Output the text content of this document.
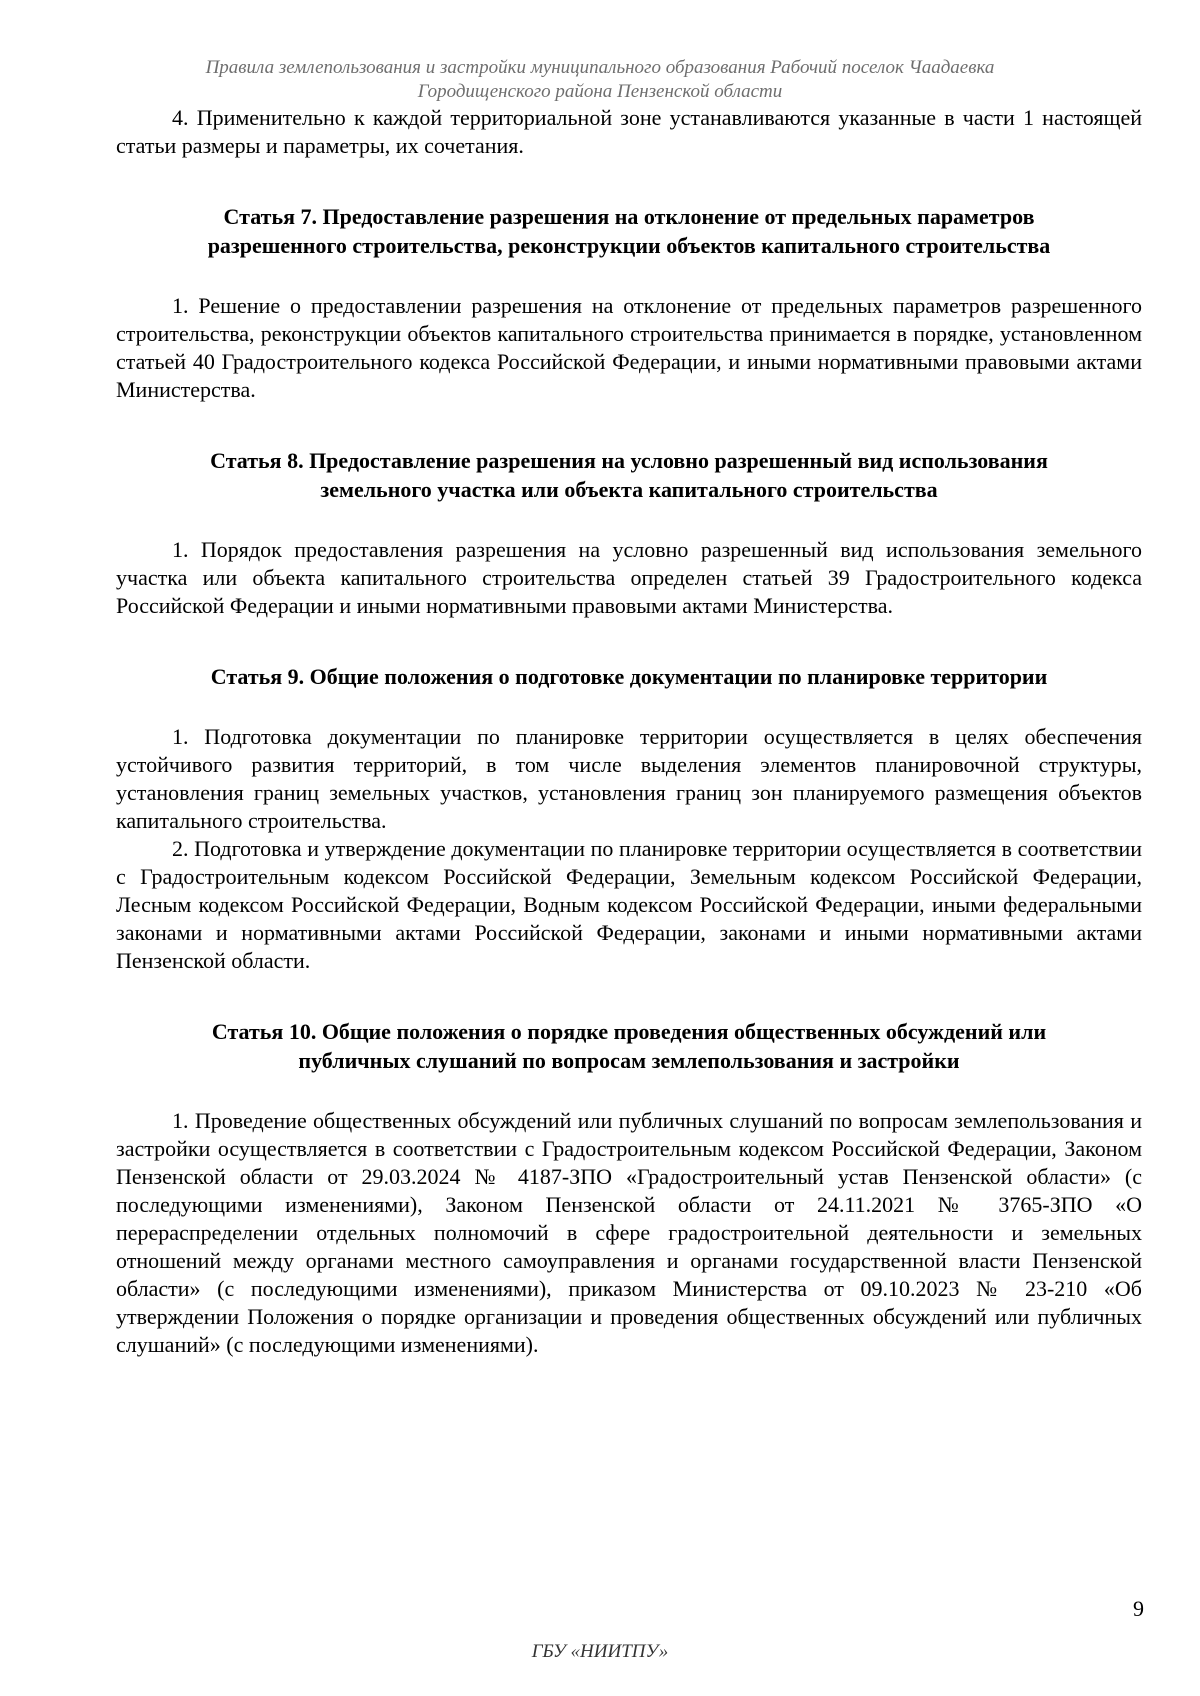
Правила землепользования и застройки муниципального образования Рабочий поселок Чаадаевка
Городищенского района Пензенской области

4. Применительно к каждой территориальной зоне устанавливаются указанные в части 1 настоящей статьи размеры и параметры, их сочетания.

Статья 7. Предоставление разрешения на отклонение от предельных параметров
разрешенного строительства, реконструкции объектов капитального строительства

1. Решение о предоставлении разрешения на отклонение от предельных параметров разрешенного строительства, реконструкции объектов капитального строительства принимается в порядке, установленном статьей 40 Градостроительного кодекса Российской Федерации, и иными нормативными правовыми актами Министерства.

Статья 8. Предоставление разрешения на условно разрешенный вид использования
земельного участка или объекта капитального строительства

1. Порядок предоставления разрешения на условно разрешенный вид использования земельного участка или объекта капитального строительства определен статьей 39 Градостроительного кодекса Российской Федерации и иными нормативными правовыми актами Министерства.

Статья 9. Общие положения о подготовке документации по планировке территории

1. Подготовка документации по планировке территории осуществляется в целях обеспечения устойчивого развития территорий, в том числе выделения элементов планировочной структуры, установления границ земельных участков, установления границ зон планируемого размещения объектов капитального строительства.

2. Подготовка и утверждение документации по планировке территории осуществляется в соответствии с Градостроительным кодексом Российской Федерации, Земельным кодексом Российской Федерации, Лесным кодексом Российской Федерации, Водным кодексом Российской Федерации, иными федеральными законами и нормативными актами Российской Федерации, законами и иными нормативными актами Пензенской области.

Статья 10. Общие положения о порядке проведения общественных обсуждений или
публичных слушаний по вопросам землепользования и застройки

1. Проведение общественных обсуждений или публичных слушаний по вопросам землепользования и застройки осуществляется в соответствии с Градостроительным кодексом Российской Федерации, Законом Пензенской области от 29.03.2024 № 4187-ЗПО «Градостроительный устав Пензенской области» (с последующими изменениями), Законом Пензенской области от 24.11.2021 № 3765-ЗПО «О перераспределении отдельных полномочий в сфере градостроительной деятельности и земельных отношений между органами местного самоуправления и органами государственной власти Пензенской области» (с последующими изменениями), приказом Министерства от 09.10.2023 № 23-210 «Об утверждении Положения о порядке организации и проведения общественных обсуждений или публичных слушаний» (с последующими изменениями).

9
ГБУ «НИИТПУ»
